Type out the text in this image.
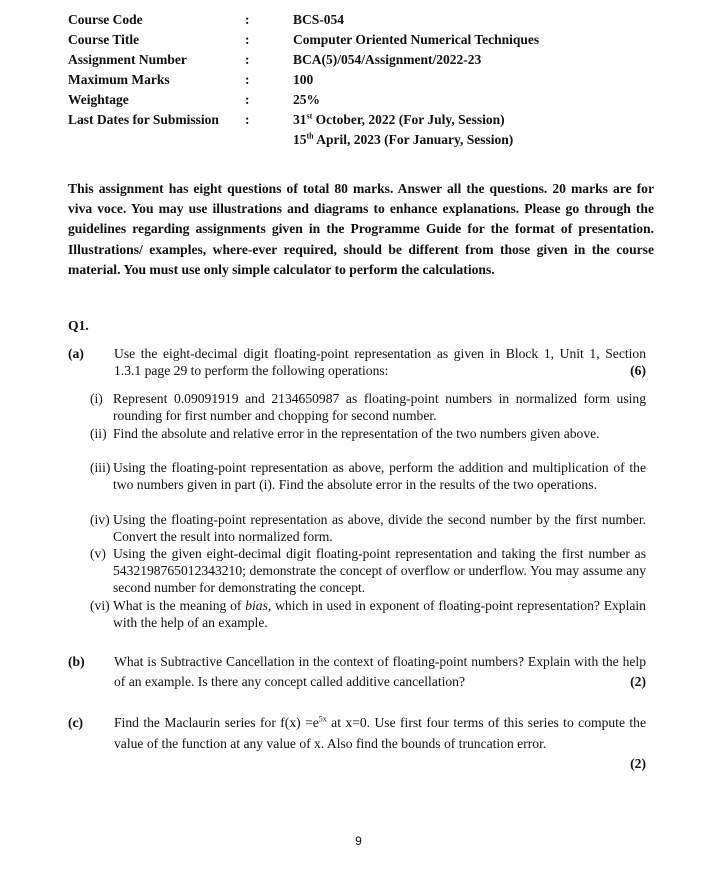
Course Code	:	BCS-054
Course Title	:	Computer Oriented Numerical Techniques
Assignment Number	:	BCA(5)/054/Assignment/2022-23
Maximum Marks	:	100
Weightage	:	25%
Last Dates for Submission :	31st October, 2022 (For July, Session)
15th April, 2023 (For January, Session)
This assignment has eight questions of total 80 marks. Answer all the questions. 20 marks are for viva voce. You may use illustrations and diagrams to enhance explanations. Please go through the guidelines regarding assignments given in the Programme Guide for the format of presentation. Illustrations/ examples, where-ever required, should be different from those given in the course material. You must use only simple calculator to perform the calculations.
Q1.
(a) Use the eight-decimal digit floating-point representation as given in Block 1, Unit 1, Section 1.3.1 page 29 to perform the following operations:	(6)
(i) Represent 0.09091919 and 2134650987 as floating-point numbers in normalized form using rounding for first number and chopping for second number.
(ii) Find the absolute and relative error in the representation of the two numbers given above.
(iii) Using the floating-point representation as above, perform the addition and multiplication of the two numbers given in part (i). Find the absolute error in the results of the two operations.
(iv) Using the floating-point representation as above, divide the second number by the first number. Convert the result into normalized form.
(v) Using the given eight-decimal digit floating-point representation and taking the first number as 5432198765012343210; demonstrate the concept of overflow or underflow. You may assume any second number for demonstrating the concept.
(vi) What is the meaning of bias, which in used in exponent of floating-point representation? Explain with the help of an example.
(b) What is Subtractive Cancellation in the context of floating-point numbers? Explain with the help of an example. Is there any concept called additive cancellation?	(2)
(c) Find the Maclaurin series for $f(x) =e^{5x}$ at x=0. Use first four terms of this series to compute the value of the function at any value of x. Also find the bounds of truncation error.
(2)
9
